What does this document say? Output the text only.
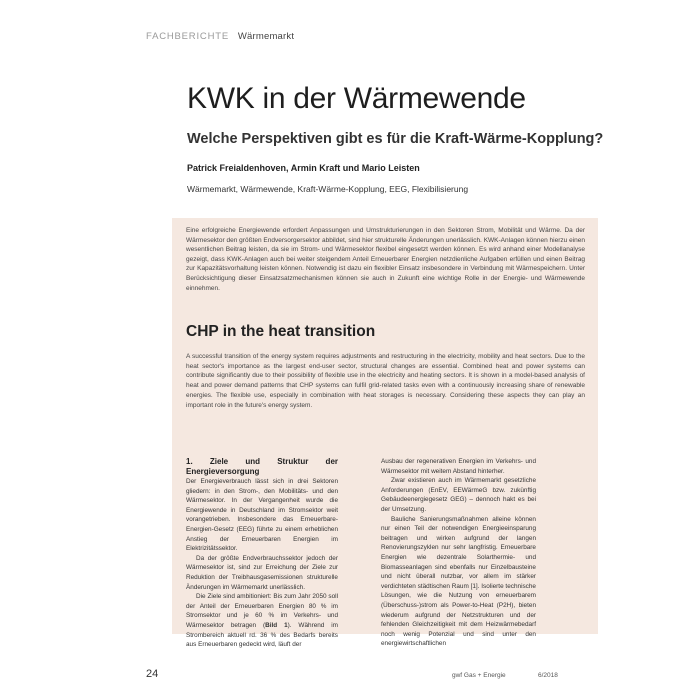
FACHBERICHTE Wärmemarkt
KWK in der Wärmewende
Welche Perspektiven gibt es für die Kraft-Wärme-Kopplung?
Patrick Freialdenhoven, Armin Kraft und Mario Leisten
Wärmemarkt, Wärmewende, Kraft-Wärme-Kopplung, EEG, Flexibilisierung

Eine erfolgreiche Energiewende erfordert Anpassungen und Umstrukturierungen in den Sektoren Strom, Mobilität und Wärme. Da der Wärmesektor den größten Endversorgersektor abbildet, sind hier strukturelle Änderungen unerlässlich. KWK-Anlagen können hierzu einen wesentlichen Beitrag leisten, da sie im Strom- und Wärmesektor flexibel eingesetzt werden können. Es wird anhand einer Modellanalyse gezeigt, dass KWK-Anlagen auch bei weiter steigendem Anteil Erneuerbarer Energien netzdienliche Aufgaben erfüllen und einen Beitrag zur Kapazitätsvorhaltung leisten können. Notwendig ist dazu ein flexibler Einsatz insbesondere in Verbindung mit Wärmespeichern. Unter Berücksichtigung dieser Einsatzsatzmechanismen können sie auch in Zukunft eine wichtige Rolle in der Energie- und Wärmewende einnehmen.

CHP in the heat transition

A successful transition of the energy system requires adjustments and restructuring in the electricity, mobility and heat sectors. Due to the heat sector's importance as the largest end-user sector, structural changes are essential. Combined heat and power systems can contribute significantly due to their possibility of flexible use in the electricity and heating sectors. It is shown in a model-based analysis of heat and power demand patterns that CHP systems can fulfil grid-related tasks even with a continuously increasing share of renewable energies. The flexible use, especially in combination with heat storages is necessary. Considering these aspects they can play an important role in the future's energy system.

1. Ziele und Struktur der Energieversorgung

Der Energieverbrauch lässt sich in drei Sektoren gliedern: in den Strom-, den Mobilitäts- und den Wärmesektor. In der Vergangenheit wurde die Energiewende in Deutschland im Stromsektor weit vorangetrieben. Insbesondere das Erneuerbare-Energien-Gesetz (EEG) führte zu einem erheblichen Anstieg der Erneuerbaren Energien im Elektrizitätssektor.

Da der größte Endverbrauchssektor jedoch der Wärmesektor ist, sind zur Erreichung der Ziele zur Reduktion der Treibhausgasemissionen strukturelle Änderungen im Wärmemarkt unerlässlich.

Die Ziele sind ambitioniert: Bis zum Jahr 2050 soll der Anteil der Erneuerbaren Energien 80 % im Stromsektor und je 60 % im Verkehrs- und Wärmesektor betragen (Bild 1). Während im Strombereich aktuell rd. 36 % des Bedarfs bereits aus Erneuerbaren gedeckt wird, läuft der

Ausbau der regenerativen Energien im Verkehrs- und Wärmesektor mit weitem Abstand hinterher.

Zwar existieren auch im Wärmemarkt gesetzliche Anforderungen (EnEV, EEWärmeG bzw. zukünftig Gebäudeenergiegesetz GEG) – dennoch hakt es bei der Umsetzung.

Bauliche Sanierungsmaßnahmen alleine können nur einen Teil der notwendigen Energieeinsparung beitragen und wirken aufgrund der langen Renovierungszyklen nur sehr langfristig. Erneuerbare Energien wie dezentrale Solarthermie- und Biomasseanlagen sind ebenfalls nur Einzelbausteine und nicht überall nutzbar, vor allem im stärker verdichteten städtischen Raum [1]. Isolierte technische Lösungen, wie die Nutzung von erneuerbarem (Überschuss-)strom als Power-to-Heat (P2H), bieten wiederum aufgrund der Netzstrukturen und der fehlenden Gleichzeitigkeit mit dem Heizwärmebedarf noch wenig Potenzial und sind unter den energiewirtschaftlichen

24	gwf Gas + Energie	6/2018
